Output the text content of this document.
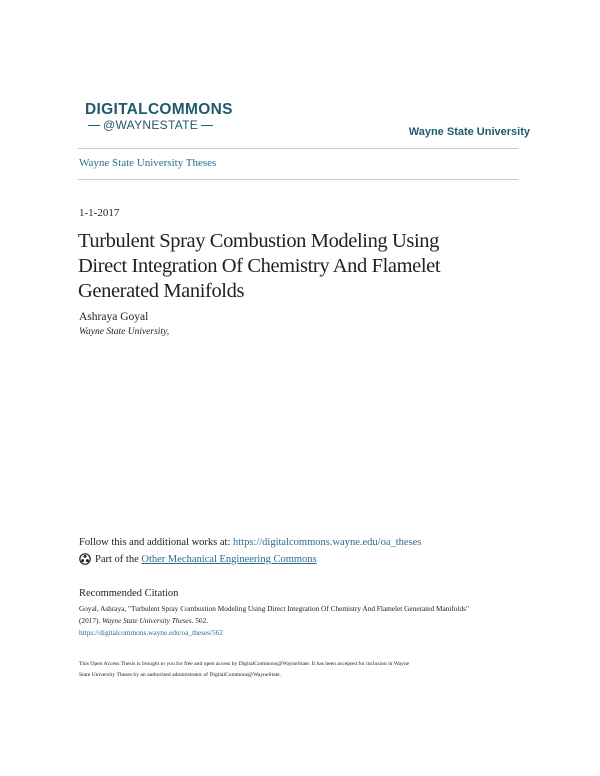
DIGITALCOMMONS
@WAYNESTATE	Wayne State University
Wayne State University Theses
1-1-2017
Turbulent Spray Combustion Modeling Using
Direct Integration Of Chemistry And Flamelet
Generated Manifolds
Ashraya Goyal
Wayne State University,
Follow this and additional works at: https://digitalcommons.wayne.edu/oa_theses
Part of the
Other Mechanical Engineering Commons
Recommended Citation
Goyal, Ashraya, "Turbulent Spray Combustion Modeling Using Direct Integration Of Chemistry And Flamelet Generated Manifolds"
(2017). Wayne State University Theses. 562.
https://digitalcommons.wayne.edu/oa_theses/562
This Open Access Thesis is brought to you for free and open access by DigitalCommons@WayneState. It has been accepted for inclusion in Wayne
State University Theses by an authorized administrator of DigitalCommons@WayneState.
